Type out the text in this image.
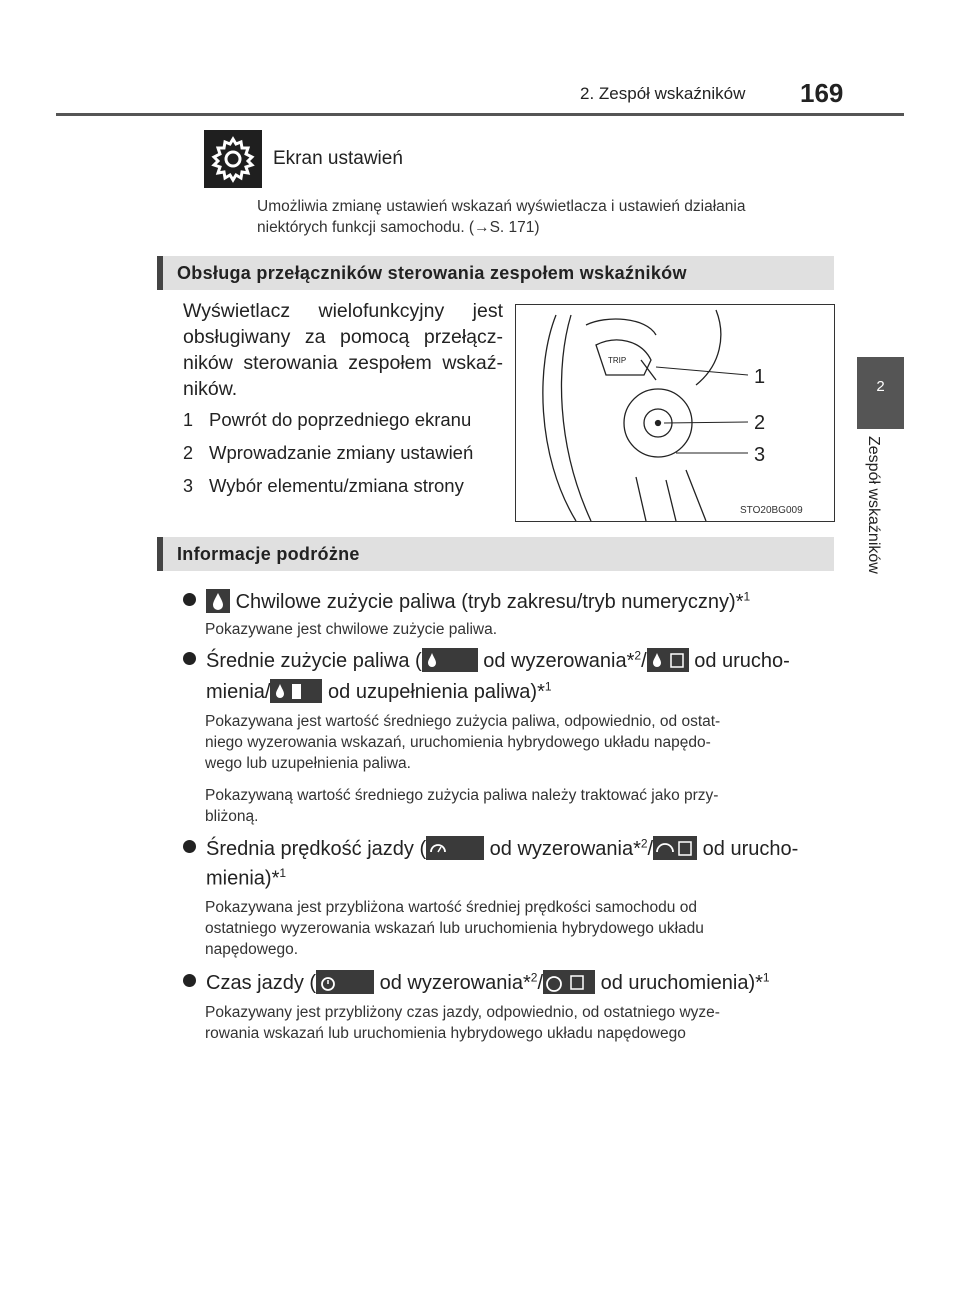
2. Zespół wskaźników 169
2
Zespół wskaźników
Ekran ustawień
Umożliwia zmianę ustawień wskazań wyświetlacza i ustawień działania
niektórych funkcji samochodu. (→S. 171)
Obsługa przełączników sterowania zespołem wskaźników
Wyświetlacz wielofunkcyjny jest obsługiwany za pomocą przełącz-ników sterowania zespołem wskaź-ników.
1 Powrót do poprzedniego ekranu
2 Wprowadzanie zmiany ustawień
3 Wybór elementu/zmiana strony
TRIP
1
2
3
STO20BG009
Informacje podróżne
Chwilowe zużycie paliwa (tryb zakresu/tryb numeryczny)*$^1$
Pokazywane jest chwilowe zużycie paliwa.
Średnie zużycie paliwa (	od wyzerowania*$^2$/
od urucho-
mienia/	od uzupełnienia paliwa)*$^1$
Pokazywana jest wartość średniego zużycia paliwa, odpowiednio, od ostat-
niego wyzerowania wskazań, uruchomienia hybrydowego układu napędo-
wego lub uzupełnienia paliwa.
Pokazywaną wartość średniego zużycia paliwa należy traktować jako przy-
bliżoną.
Średnia prędkość jazdy (	od wyzerowania*$^2$/
od urucho-
mienia)*$^1$
Pokazywana jest przybliżona wartość średniej prędkości samochodu od
ostatniego wyzerowania wskazań lub uruchomienia hybrydowego układu
napędowego.
Czas jazdy (	od wyzerowania*$^2$/	od uruchomienia)*$^1$
Pokazywany jest przybliżony czas jazdy, odpowiednio, od ostatniego wyze-
rowania wskazań lub uruchomienia hybrydowego układu napędowego
